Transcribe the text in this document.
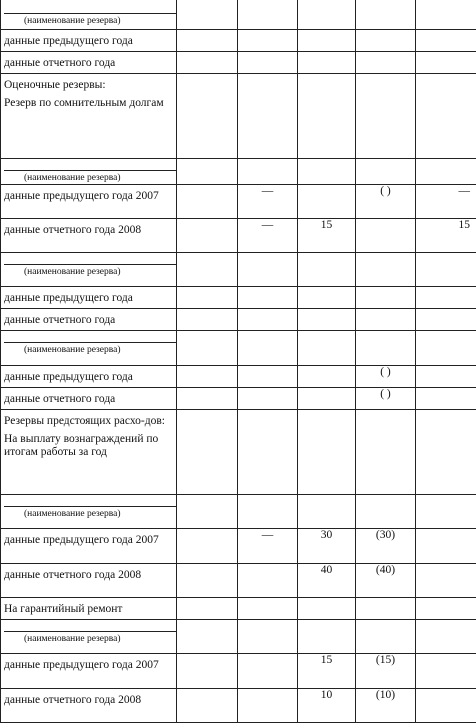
(наименование резерва)					

данные предыдущего года					

данные отчетного года					

Оценочные резервы:
Резерв по сомнительным долгам					

(наименование резерва)					

данные предыдущего года 2007		—		( )	—

данные отчетного года 2008		—	15		15

(наименование резерва)					

данные предыдущего года					

данные отчетного года					

(наименование резерва)					

данные предыдущего года				( )	

данные отчетного года				( )	

Резервы предстоящих расхо-дов:
На выплату вознаграждений по итогам работы за год					

(наименование резерва)					

данные предыдущего года 2007		—	30	(30)	

данные отчетного года 2008			40	(40)	

На гарантийный ремонт					

(наименование резерва)					

данные предыдущего года 2007			15	(15)	

данные отчетного года 2008			10	(10)	
